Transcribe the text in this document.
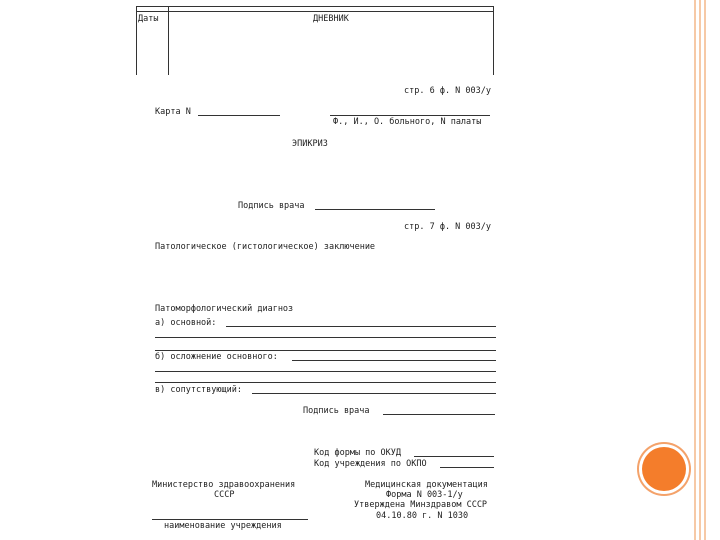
Даты	ДНЕВНИК
стр. 6 ф. N 003/у
Карта N
Ф., И., О. больного, N палаты
ЭПИКРИЗ
Подпись врача
стр. 7 ф. N 003/у
Патологическое (гистологическое) заключение
Патоморфологический диагноз
а) основной:
б) осложнение основного:
в) сопутствующий:
Подпись врача
Код формы по ОКУД
Код учреждения по ОКПО
Министерство здравоохранения
СССР
наименование учреждения
Медицинская документация
Форма N 003-1/у
Утверждена Минздравом СССР
04.10.80 г. N 1030
